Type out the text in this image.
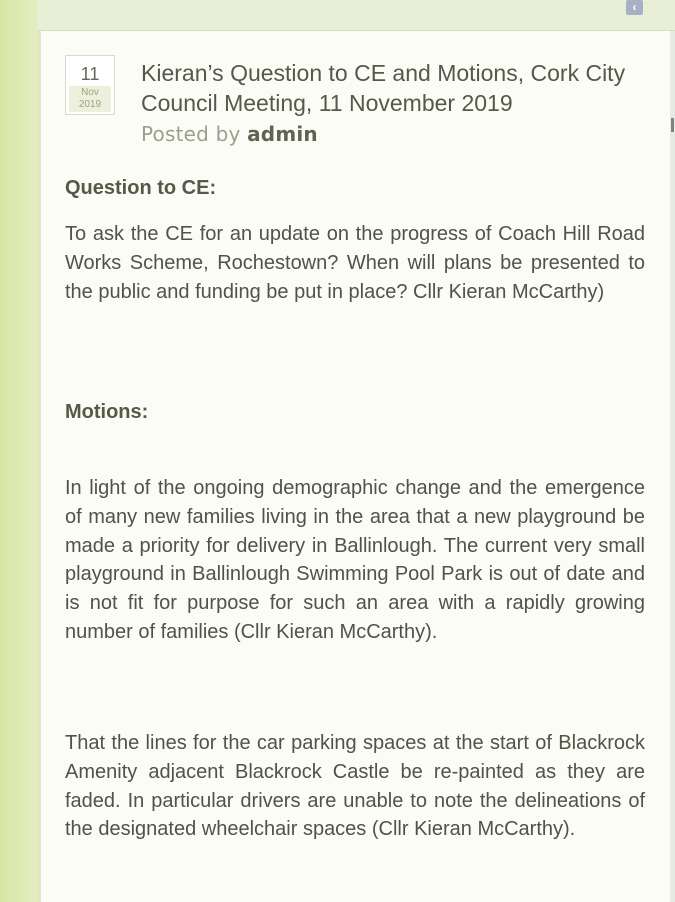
‹
11
Nov
2019
Kieran’s Question to CE and Motions, Cork City Council Meeting, 11 November 2019
Posted by admin
Question to CE:

To ask the CE for an update on the progress of Coach Hill Road Works Scheme, Rochestown? When will plans be presented to the public and funding be put in place? Cllr Kieran McCarthy)

Motions:

In light of the ongoing demographic change and the emergence of many new families living in the area that a new playground be made a priority for delivery in Ballinlough. The current very small playground in Ballinlough Swimming Pool Park is out of date and is not fit for purpose for such an area with a rapidly growing number of families (Cllr Kieran McCarthy).

That the lines for the car parking spaces at the start of Blackrock Amenity adjacent Blackrock Castle be re-painted as they are faded. In particular drivers are unable to note the delineations of the designated wheelchair spaces (Cllr Kieran McCarthy).
